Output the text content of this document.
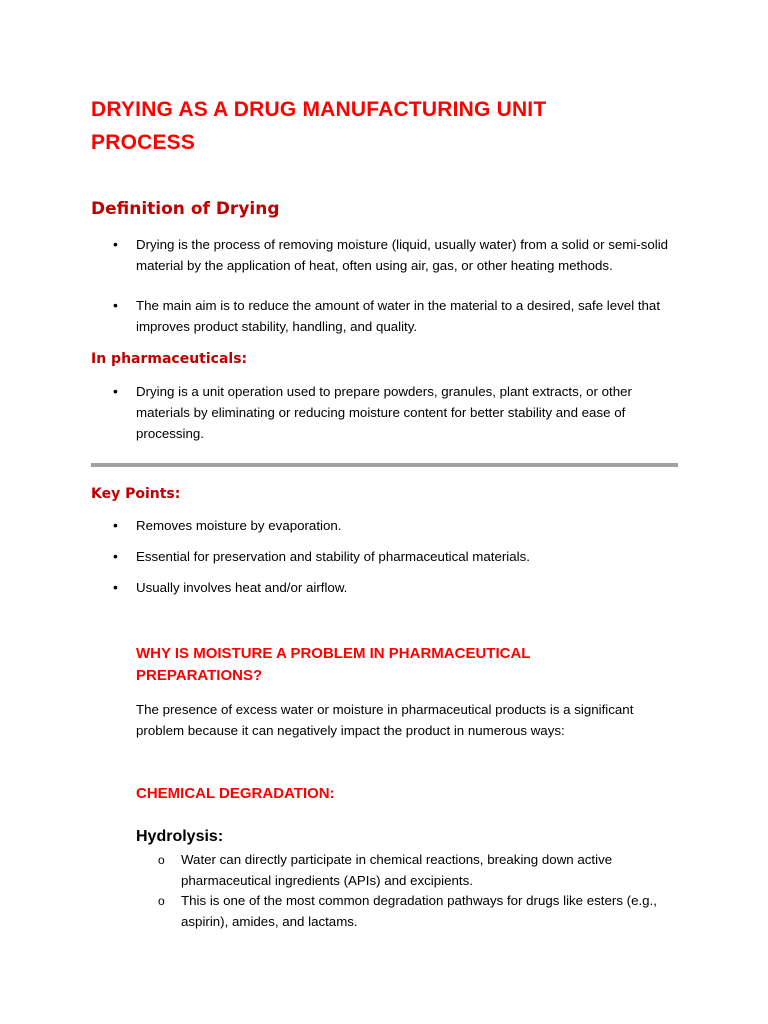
DRYING AS A DRUG MANUFACTURING UNIT PROCESS
Definition of Drying
• Drying is the process of removing moisture (liquid, usually water) from a solid or semi-solid material by the application of heat, often using air, gas, or other heating methods.
• The main aim is to reduce the amount of water in the material to a desired, safe level that improves product stability, handling, and quality.
In pharmaceuticals:
• Drying is a unit operation used to prepare powders, granules, plant extracts, or other materials by eliminating or reducing moisture content for better stability and ease of processing.
Key Points:
• Removes moisture by evaporation.
• Essential for preservation and stability of pharmaceutical materials.
• Usually involves heat and/or airflow.
WHY IS MOISTURE A PROBLEM IN PHARMACEUTICAL PREPARATIONS?

The presence of excess water or moisture in pharmaceutical products is a significant problem because it can negatively impact the product in numerous ways:

CHEMICAL DEGRADATION:
Hydrolysis:
o Water can directly participate in chemical reactions, breaking down active pharmaceutical ingredients (APIs) and excipients.
o This is one of the most common degradation pathways for drugs like esters (e.g., aspirin), amides, and lactams.
